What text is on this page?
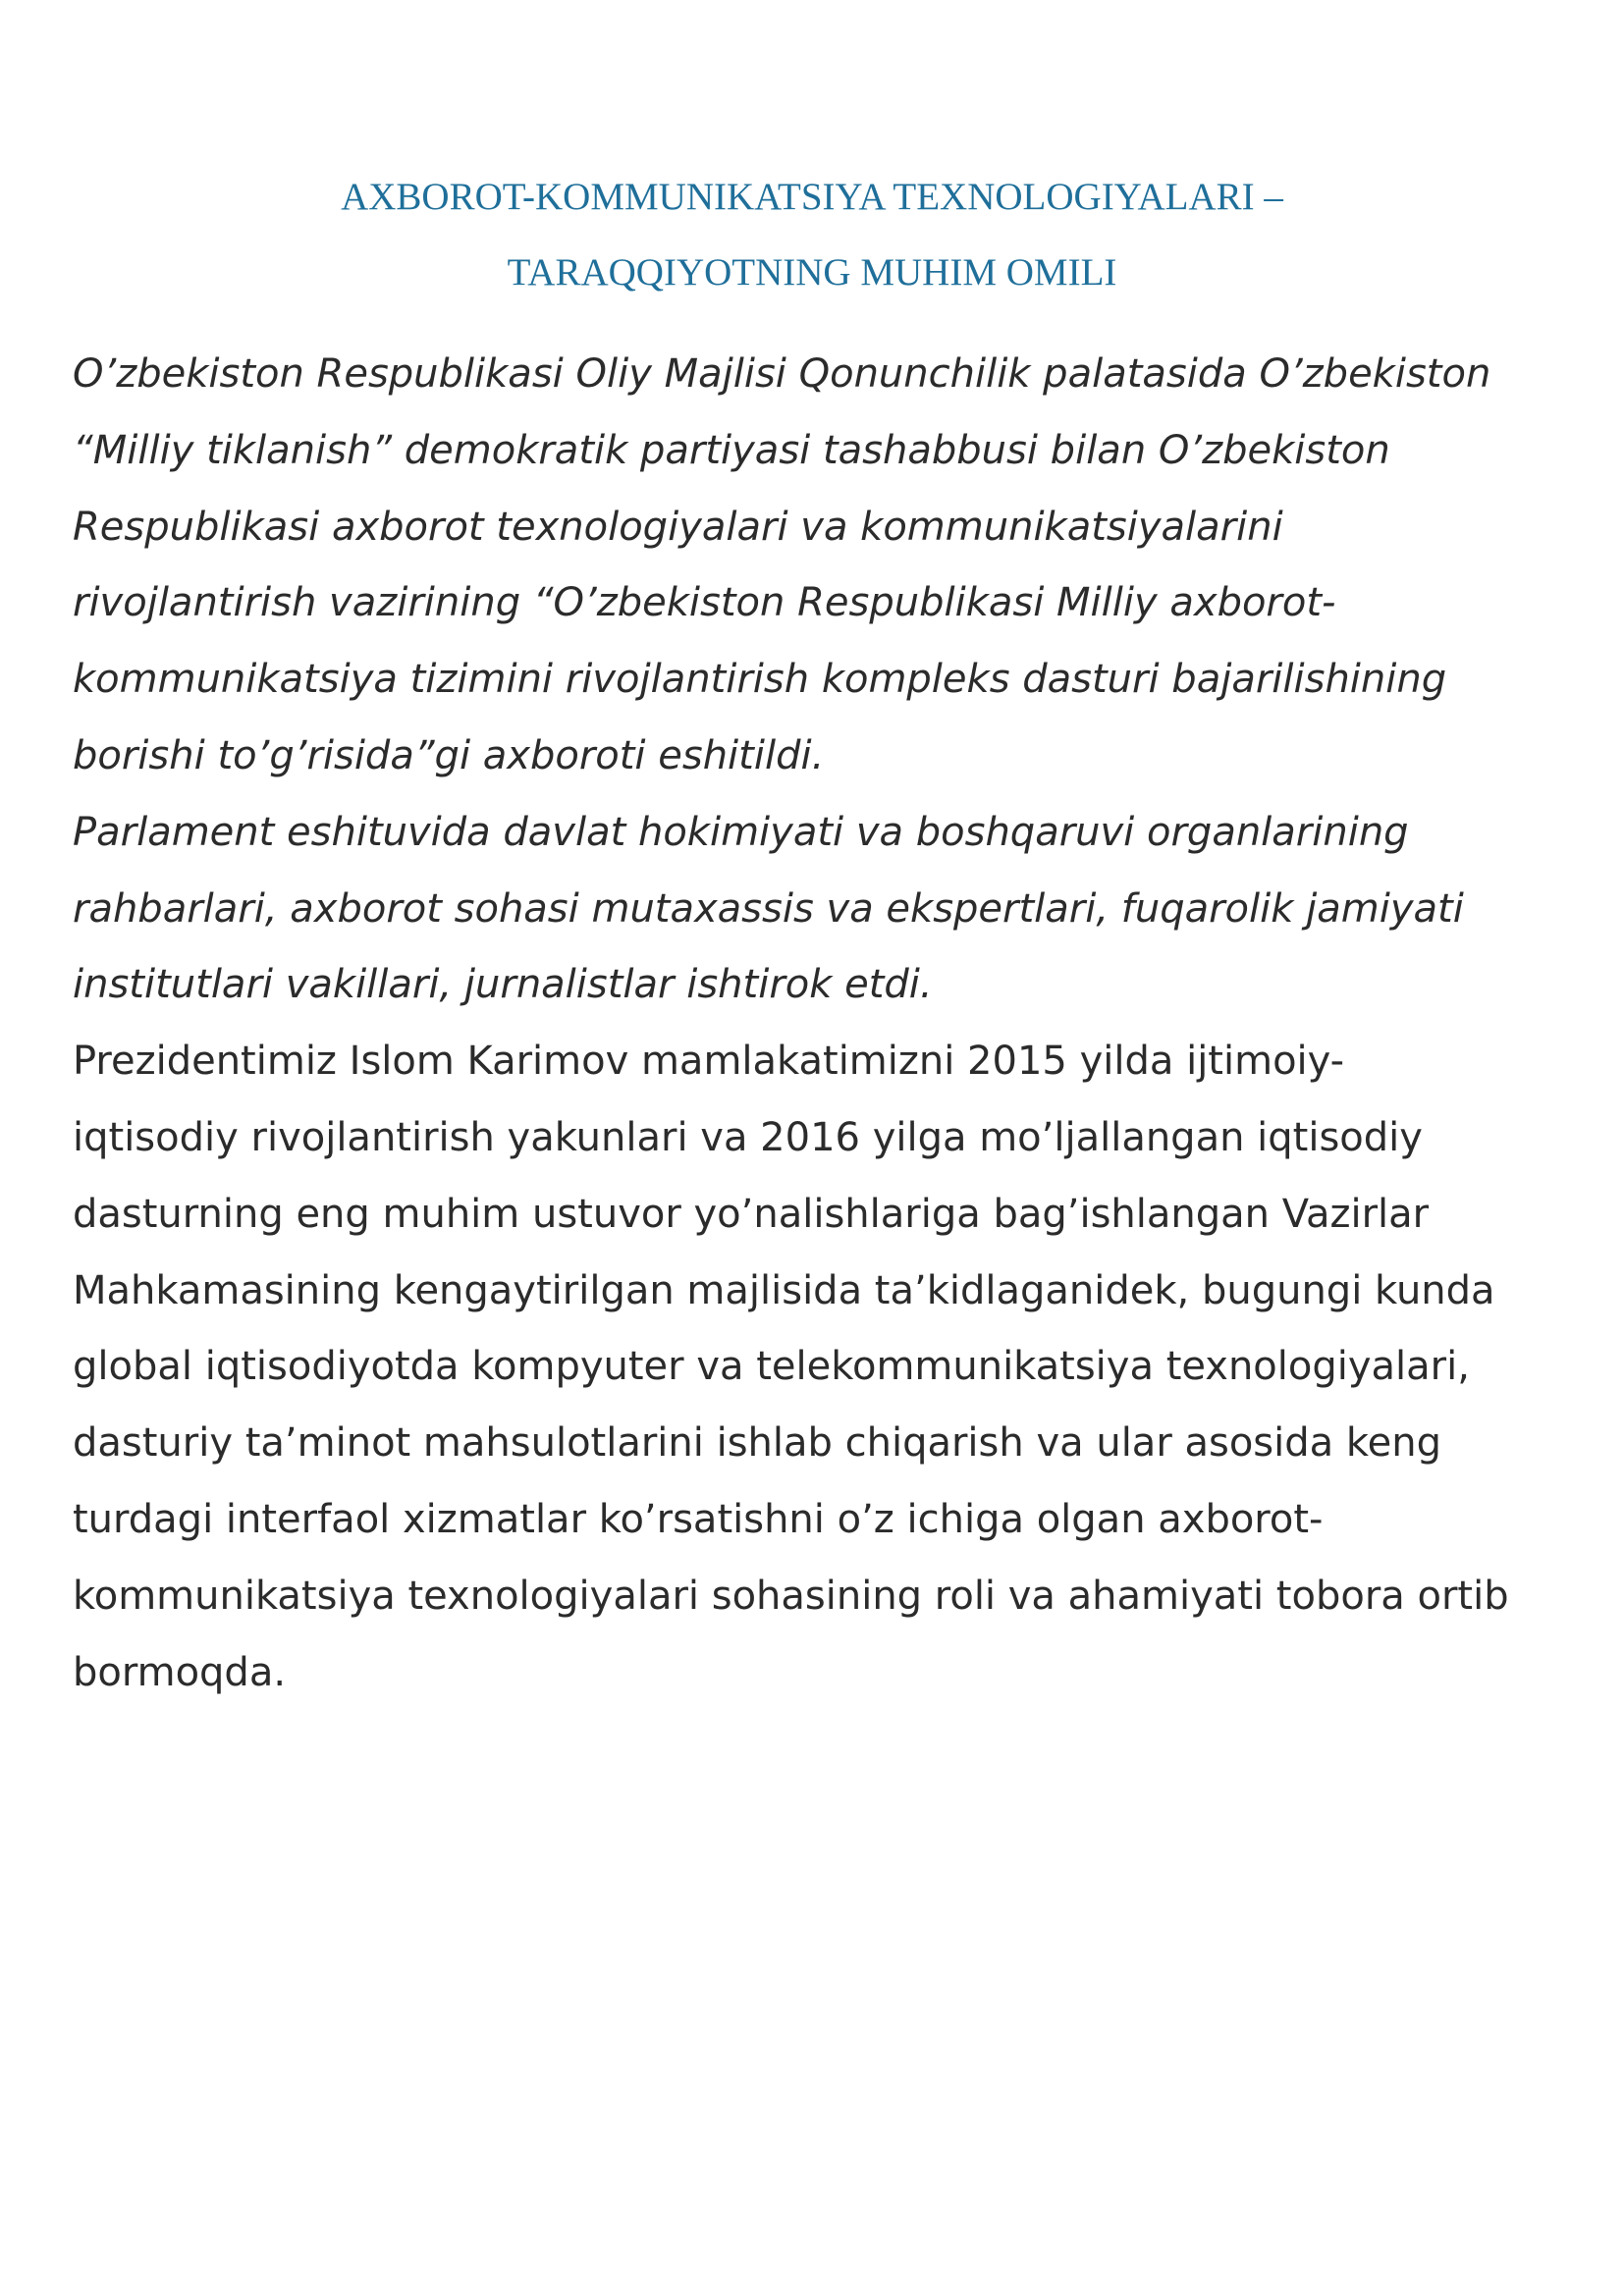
AXBOROT-KOMMUNIKATSIYA TEXNOLOGIYALARI –
TARAQQIYOTNING MUHIM OMILI

O’zbekiston Respublikasi Oliy Majlisi Qonunchilik palatasida O’zbekiston
“Milliy tiklanish” demokratik partiyasi tashabbusi bilan O’zbekiston
Respublikasi axborot texnologiyalari va kommunikatsiyalarini
rivojlantirish vazirining “O’zbekiston Respublikasi Milliy axborot-
kommunikatsiya tizimini rivojlantirish kompleks dasturi bajarilishining
borishi to’g’risida”gi axboroti eshitildi.

Parlament eshituvida davlat hokimiyati va boshqaruvi organlarining
rahbarlari, axborot sohasi mutaxassis va ekspertlari, fuqarolik jamiyati
institutlari vakillari, jurnalistlar ishtirok etdi.

Prezidentimiz Islom Karimov mamlakatimizni 2015 yilda ijtimoiy-
iqtisodiy rivojlantirish yakunlari va 2016 yilga mo’ljallangan iqtisodiy
dasturning eng muhim ustuvor yo’nalishlariga bag’ishlangan Vazirlar
Mahkamasining kengaytirilgan majlisida ta’kidlaganidek, bugungi kunda
global iqtisodiyotda kompyuter va telekommunikatsiya texnologiyalari,
dasturiy ta’minot mahsulotlarini ishlab chiqarish va ular asosida keng
turdagi interfaol xizmatlar ko’rsatishni o’z ichiga olgan axborot-
kommunikatsiya texnologiyalari sohasining roli va ahamiyati tobora ortib
bormoqda.
